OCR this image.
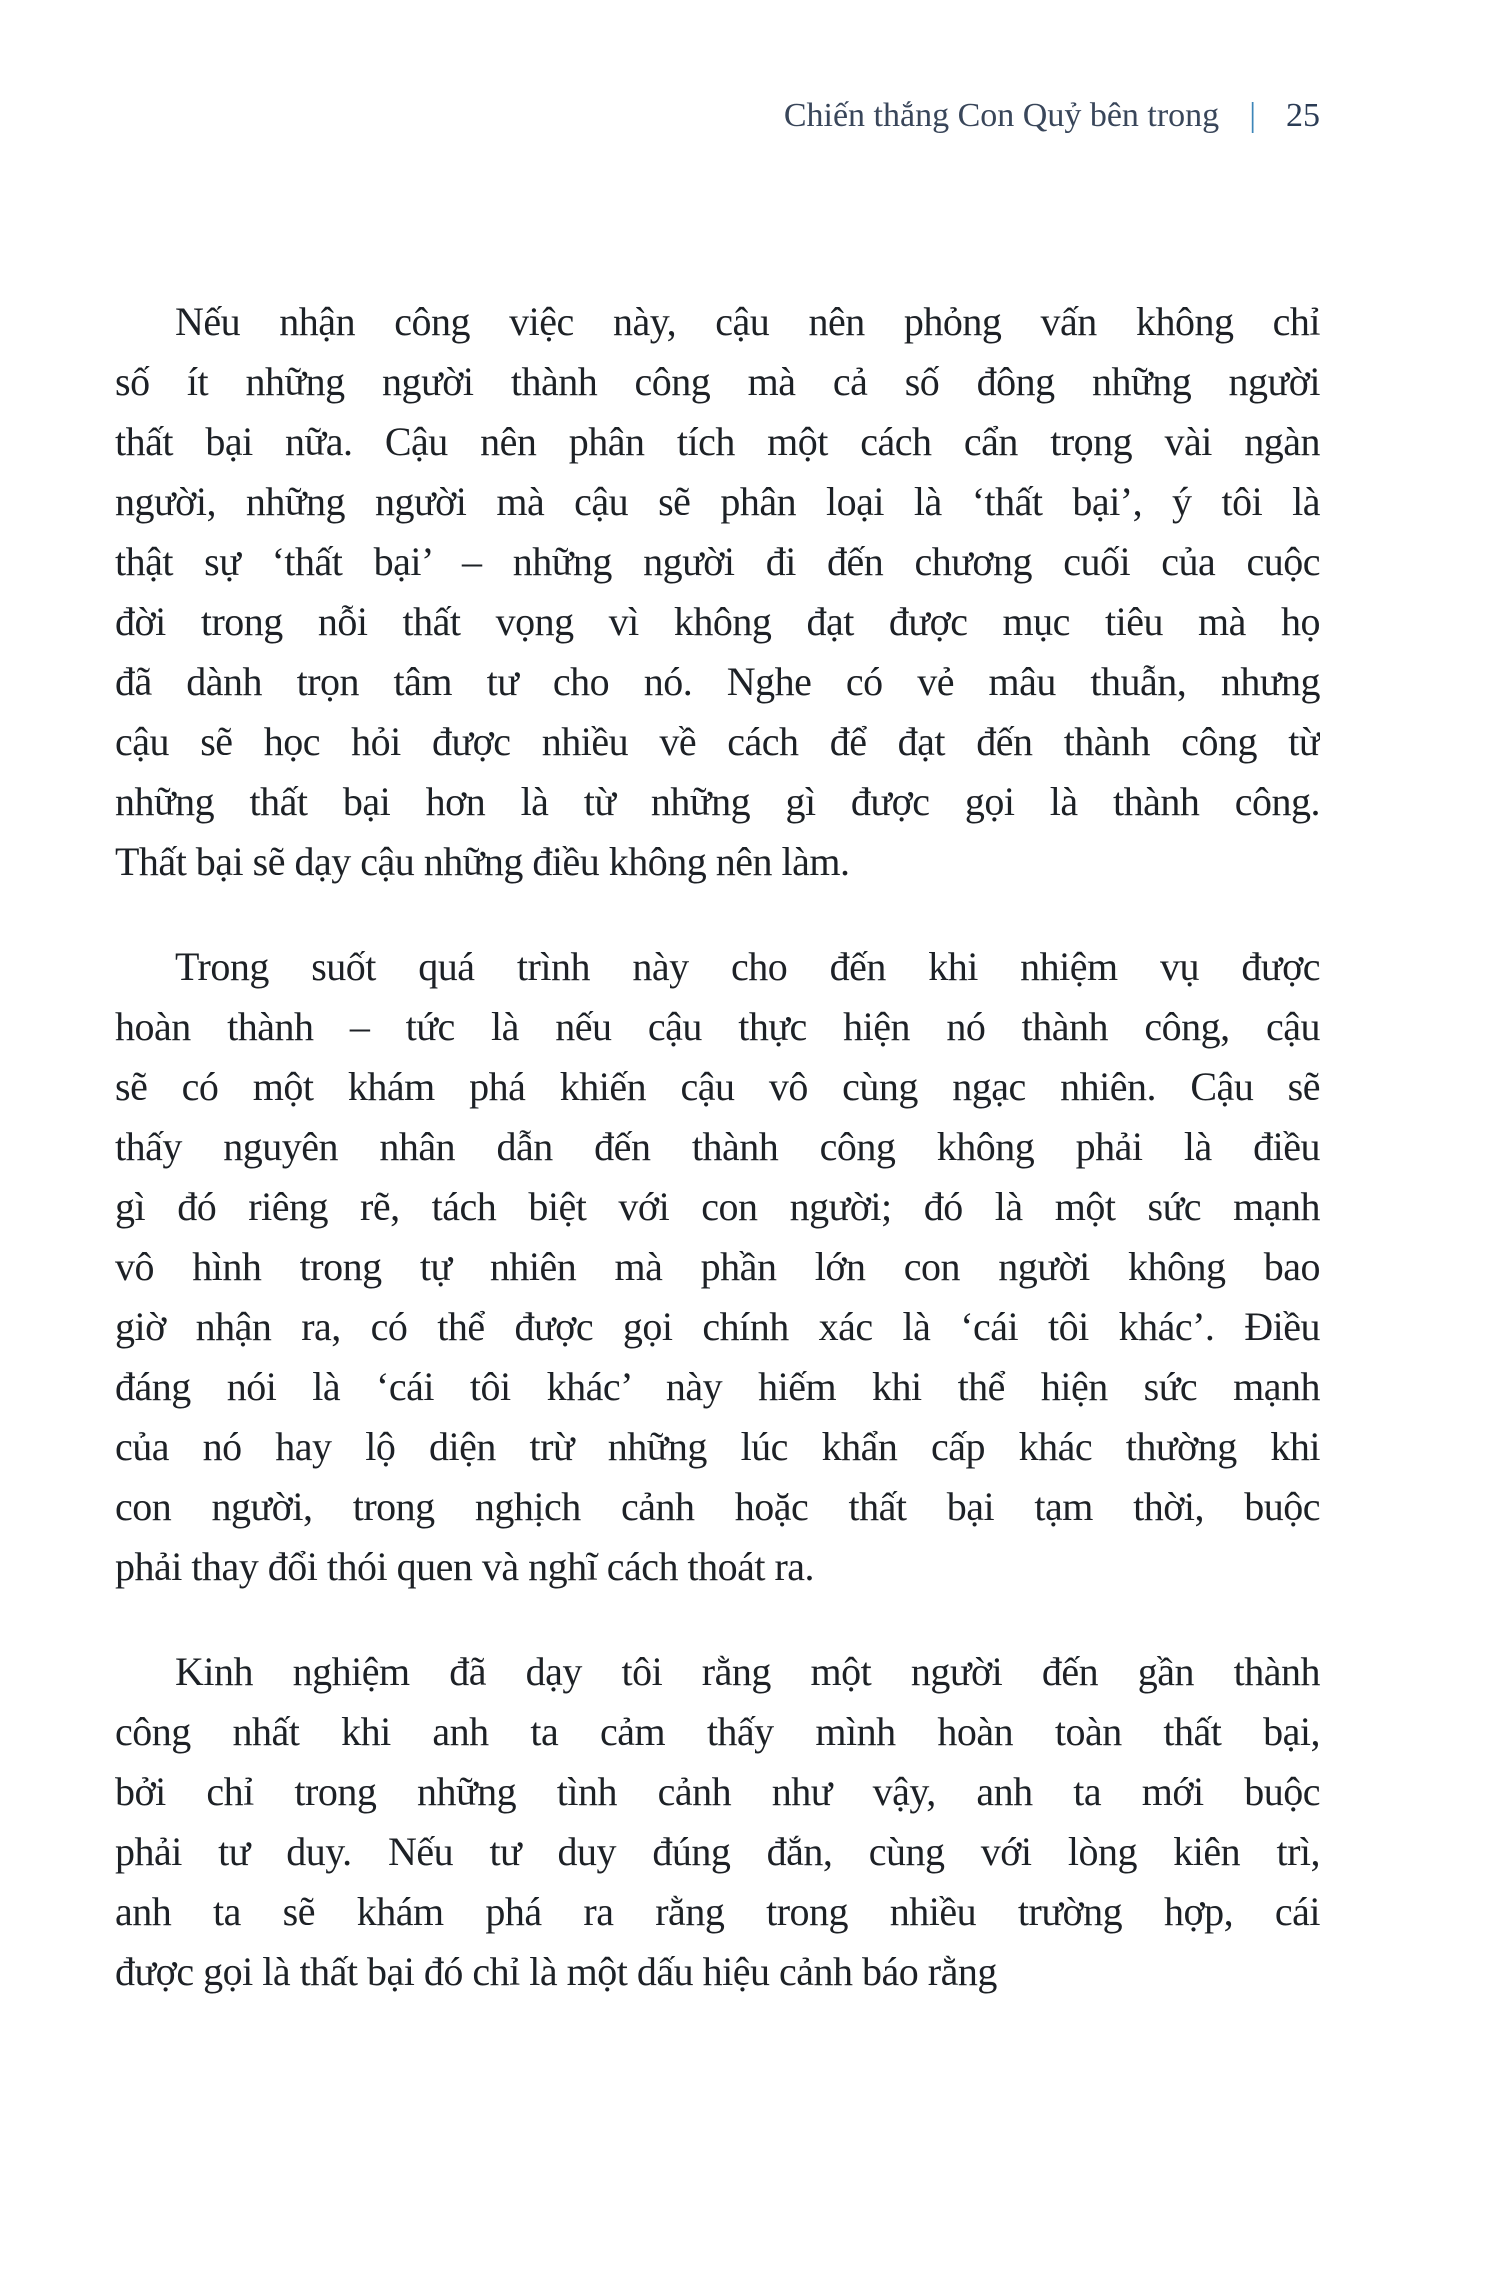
Chiến thắng Con Quỷ bên trong | 25
Nếu nhận công việc này, cậu nên phỏng vấn không chỉ
số ít những người thành công mà cả số đông những người
thất bại nữa. Cậu nên phân tích một cách cẩn trọng vài ngàn
người, những người mà cậu sẽ phân loại là ‘thất bại’, ý tôi là
thật sự ‘thất bại’ – những người đi đến chương cuối của cuộc
đời trong nỗi thất vọng vì không đạt được mục tiêu mà họ
đã dành trọn tâm tư cho nó. Nghe có vẻ mâu thuẫn, nhưng
cậu sẽ học hỏi được nhiều về cách để đạt đến thành công từ
những thất bại hơn là từ những gì được gọi là thành công.
Thất bại sẽ dạy cậu những điều không nên làm.
Trong suốt quá trình này cho đến khi nhiệm vụ được
hoàn thành – tức là nếu cậu thực hiện nó thành công, cậu
sẽ có một khám phá khiến cậu vô cùng ngạc nhiên. Cậu sẽ
thấy nguyên nhân dẫn đến thành công không phải là điều
gì đó riêng rẽ, tách biệt với con người; đó là một sức mạnh
vô hình trong tự nhiên mà phần lớn con người không bao
giờ nhận ra, có thể được gọi chính xác là ‘cái tôi khác’. Điều
đáng nói là ‘cái tôi khác’ này hiếm khi thể hiện sức mạnh
của nó hay lộ diện trừ những lúc khẩn cấp khác thường khi
con người, trong nghịch cảnh hoặc thất bại tạm thời, buộc
phải thay đổi thói quen và nghĩ cách thoát ra.
Kinh nghiệm đã dạy tôi rằng một người đến gần thành
công nhất khi anh ta cảm thấy mình hoàn toàn thất bại,
bởi chỉ trong những tình cảnh như vậy, anh ta mới buộc
phải tư duy. Nếu tư duy đúng đắn, cùng với lòng kiên trì,
anh ta sẽ khám phá ra rằng trong nhiều trường hợp, cái
được gọi là thất bại đó chỉ là một dấu hiệu cảnh báo rằng
